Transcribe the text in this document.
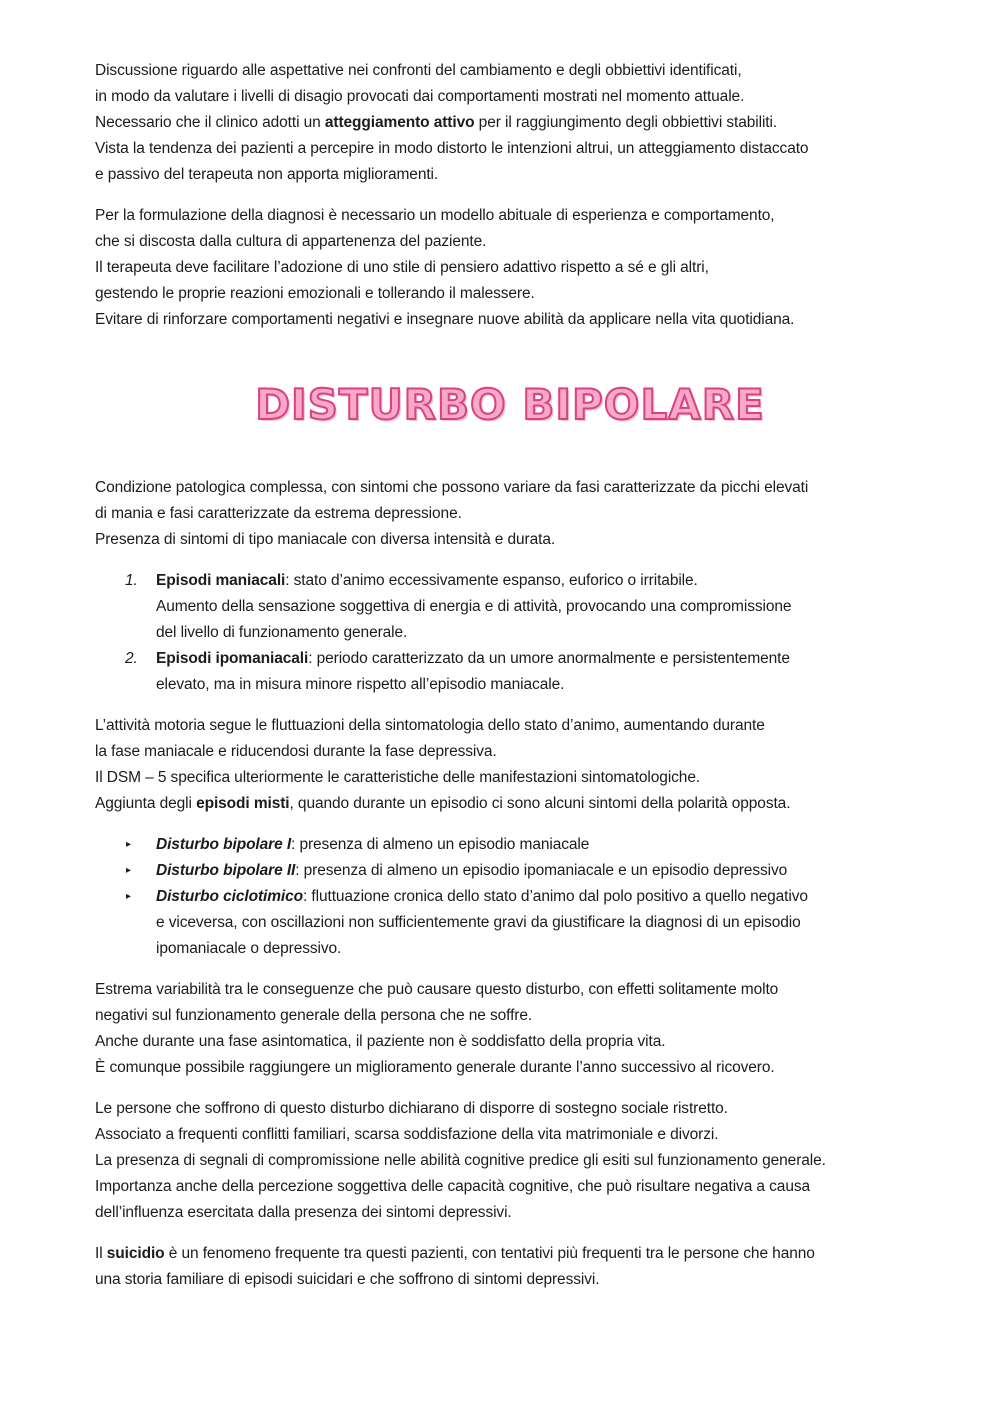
Discussione riguardo alle aspettative nei confronti del cambiamento e degli obbiettivi identificati,
in modo da valutare i livelli di disagio provocati dai comportamenti mostrati nel momento attuale.
Necessario che il clinico adotti un atteggiamento attivo per il raggiungimento degli obbiettivi stabiliti.
Vista la tendenza dei pazienti a percepire in modo distorto le intenzioni altrui, un atteggiamento distaccato
e passivo del terapeuta non apporta miglioramenti.

Per la formulazione della diagnosi è necessario un modello abituale di esperienza e comportamento,
che si discosta dalla cultura di appartenenza del paziente.
Il terapeuta deve facilitare l’adozione di uno stile di pensiero adattivo rispetto a sé e gli altri,
gestendo le proprie reazioni emozionali e tollerando il malessere.
Evitare di rinforzare comportamenti negativi e insegnare nuove abilità da applicare nella vita quotidiana.

DISTURBO BIPOLARE

Condizione patologica complessa, con sintomi che possono variare da fasi caratterizzate da picchi elevati
di mania e fasi caratterizzate da estrema depressione.
Presenza di sintomi di tipo maniacale con diversa intensità e durata.

1. Episodi maniacali: stato d’animo eccessivamente espanso, euforico o irritabile.
Aumento della sensazione soggettiva di energia e di attività, provocando una compromissione
del livello di funzionamento generale.
2. Episodi ipomaniacali: periodo caratterizzato da un umore anormalmente e persistentemente
elevato, ma in misura minore rispetto all’episodio maniacale.

L’attività motoria segue le fluttuazioni della sintomatologia dello stato d’animo, aumentando durante
la fase maniacale e riducendosi durante la fase depressiva.
Il DSM – 5 specifica ulteriormente le caratteristiche delle manifestazioni sintomatologiche.
Aggiunta degli episodi misti, quando durante un episodio ci sono alcuni sintomi della polarità opposta.

▸ Disturbo bipolare I: presenza di almeno un episodio maniacale
▸ Disturbo bipolare II: presenza di almeno un episodio ipomaniacale e un episodio depressivo
▸ Disturbo ciclotimico: fluttuazione cronica dello stato d’animo dal polo positivo a quello negativo
e viceversa, con oscillazioni non sufficientemente gravi da giustificare la diagnosi di un episodio
ipomaniacale o depressivo.

Estrema variabilità tra le conseguenze che può causare questo disturbo, con effetti solitamente molto
negativi sul funzionamento generale della persona che ne soffre.
Anche durante una fase asintomatica, il paziente non è soddisfatto della propria vita.
È comunque possibile raggiungere un miglioramento generale durante l’anno successivo al ricovero.

Le persone che soffrono di questo disturbo dichiarano di disporre di sostegno sociale ristretto.
Associato a frequenti conflitti familiari, scarsa soddisfazione della vita matrimoniale e divorzi.
La presenza di segnali di compromissione nelle abilità cognitive predice gli esiti sul funzionamento generale.
Importanza anche della percezione soggettiva delle capacità cognitive, che può risultare negativa a causa
dell’influenza esercitata dalla presenza dei sintomi depressivi.

Il suicidio è un fenomeno frequente tra questi pazienti, con tentativi più frequenti tra le persone che hanno
una storia familiare di episodi suicidari e che soffrono di sintomi depressivi.
